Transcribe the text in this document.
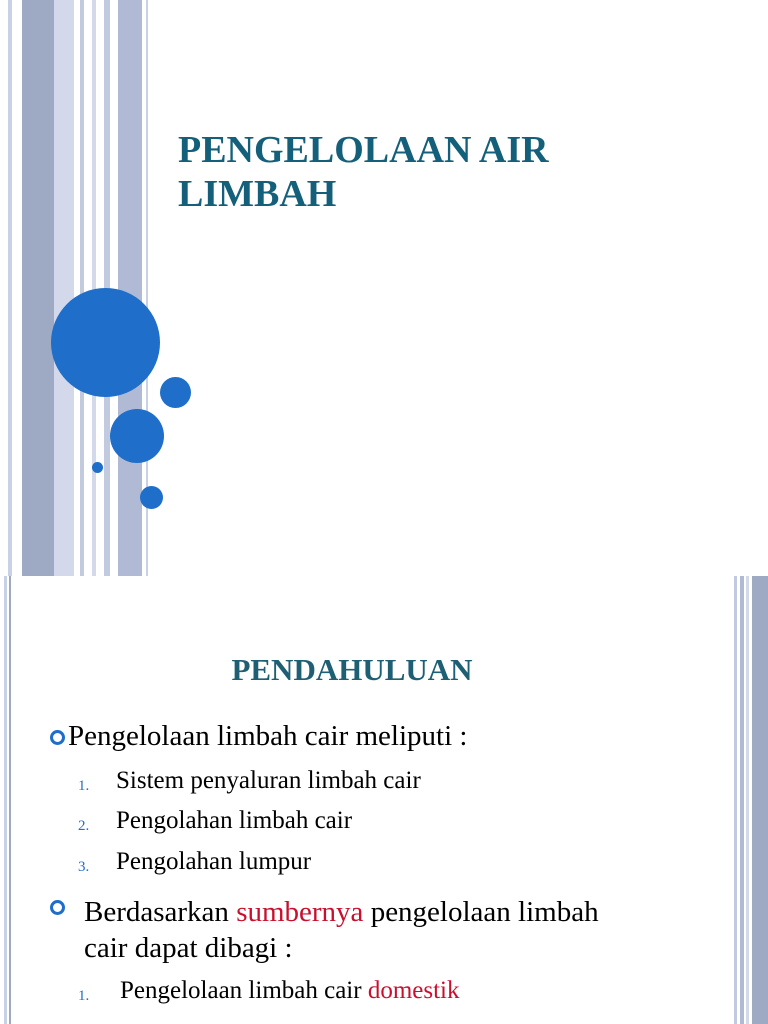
PENGELOLAAN AIR
LIMBAH
PENDAHULUAN
Pengelolaan limbah cair meliputi :
1. Sistem penyaluran limbah cair
2. Pengolahan limbah cair
3. Pengolahan lumpur
Berdasarkan sumbernya pengelolaan limbah cair dapat dibagi :
1. Pengelolaan limbah cair domestik
